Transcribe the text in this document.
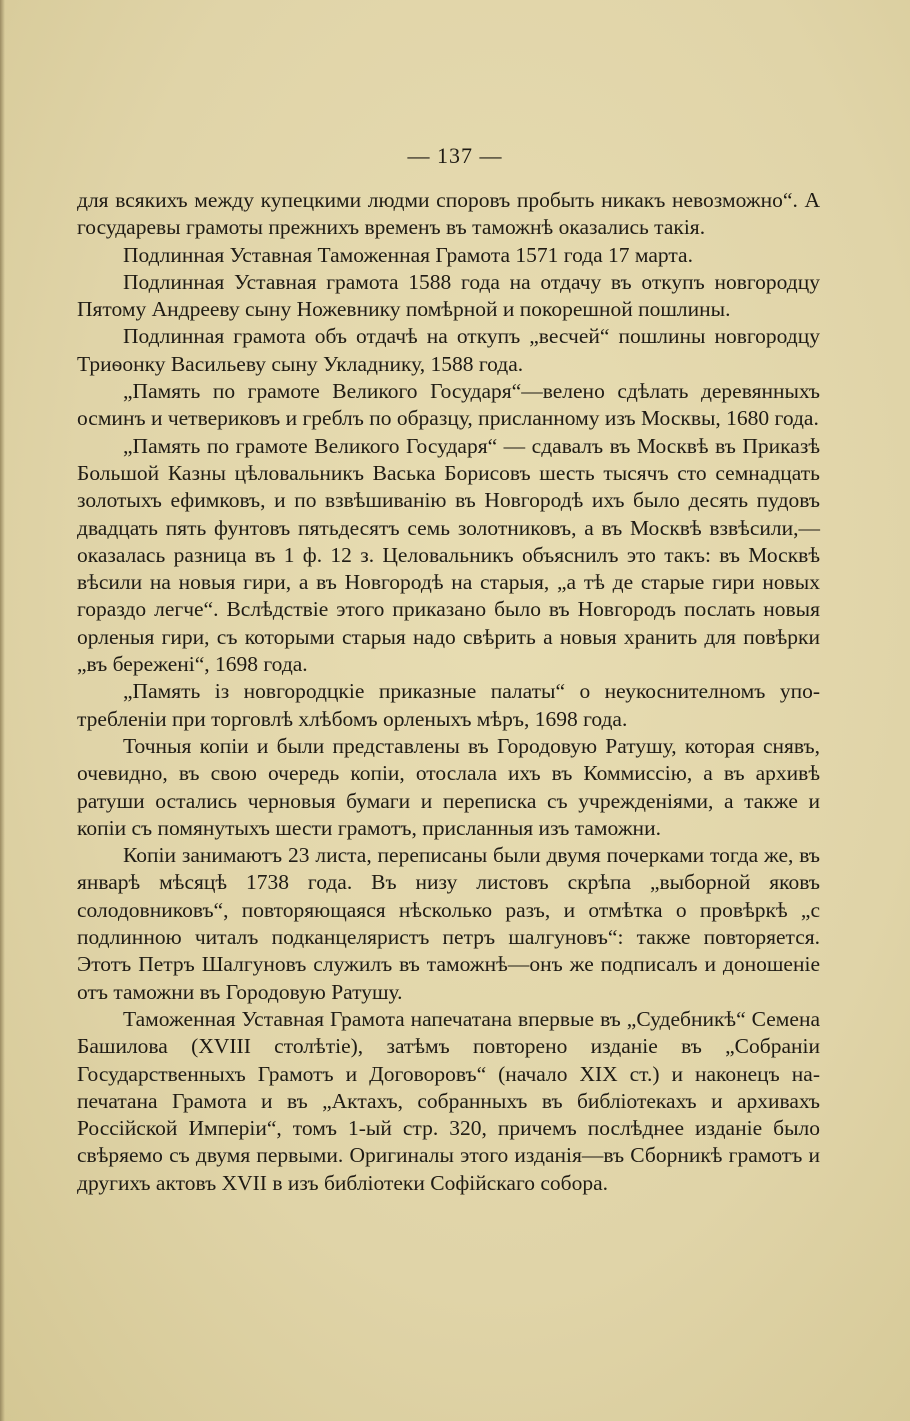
— 137 —

для всякихъ между купецкими людми споровъ пробыть никакъ невозможно“. А государевы грамоты прежнихъ временъ въ таможнѣ оказались такія.

Подлинная Уставная Таможенная Грамота 1571 года 17 марта.

Подлинная Уставная грамота 1588 года на отдачу въ откупъ новгородцу Пятому Андрееву сыну Ножевнику помѣрной и покорешной пошлины.

Подлинная грамота объ отдачѣ на откупъ „весчей“ пошлины новгородцу Триѳонку Васильеву сыну Укладнику, 1588 года.

„Память по грамоте Великого Государя“—велено сдѣлать деревянныхъ осминъ и четвериковъ и греблъ по образцу, присланному изъ Москвы, 1680 года.

„Память по грамоте Великого Государя“ — сдавалъ въ Москвѣ въ Приказѣ Большой Казны цѣловальникъ Васька Борисовъ шесть тысячъ сто семнадцать золотыхъ ефимковъ, и по взвѣшиванію въ Новгородѣ ихъ было десять пудовъ двадцать пять фунтовъ пятьдесятъ семь золотниковъ, а въ Москвѣ взвѣсили,—оказалась разница въ 1 ф. 12 з. Целовальникъ объяснилъ это такъ: въ Москвѣ вѣсили на новыя гири, а въ Новгородѣ на старыя, „а тѣ де старые гири новых гораздо легче“. Вслѣдствіе этого приказано было въ Новгородъ послать новыя орленыя гири, съ которыми старыя надо свѣрить а новыя хранить для повѣрки „въ бережені“, 1698 года.

„Память із новгородцкіе приказные палаты“ о неукоснителномъ употребленіи при торговлѣ хлѣбомъ орленыхъ мѣръ, 1698 года.

Точныя копіи и были представлены въ Городовую Ратушу, которая снявъ, очевидно, въ свою очередь копіи, отослала ихъ въ Коммиссію, а въ архивѣ ратуши остались черновыя бумаги и переписка съ учрежденіями, а также и копіи съ помянутыхъ шести грамотъ, присланныя изъ таможни.

Копіи занимаютъ 23 листа, переписаны были двумя почерками тогда же, въ январѣ мѣсяцѣ 1738 года. Въ низу листовъ скрѣпа „выборной яковъ солодовниковъ“, повторяющаяся нѣсколько разъ, и отмѣтка о провѣркѣ „с подлинною читалъ подканцеляристъ петръ шалгуновъ“: также повторяется. Этотъ Петръ Шалгуновъ служилъ въ таможнѣ—онъ же подписалъ и доношеніе отъ таможни въ Городовую Ратушу.

Таможенная Уставная Грамота напечатана впервые въ „Судебникѣ“ Семена Башилова (XVIII столѣтіе), затѣмъ повторено изданіе въ „Собраніи Государственныхъ Грамотъ и Договоровъ“ (начало XIX ст.) и наконецъ напечатана Грамота и въ „Актахъ, собранныхъ въ библіотекахъ и архивахъ Россійской Имперіи“, томъ 1-ый стр. 320, причемъ послѣднее изданіе было свѣряемо съ двумя первыми. Оригиналы этого изданія—въ Сборникѣ грамотъ и другихъ актовъ XVII в изъ библіотеки Софійскаго собора.
